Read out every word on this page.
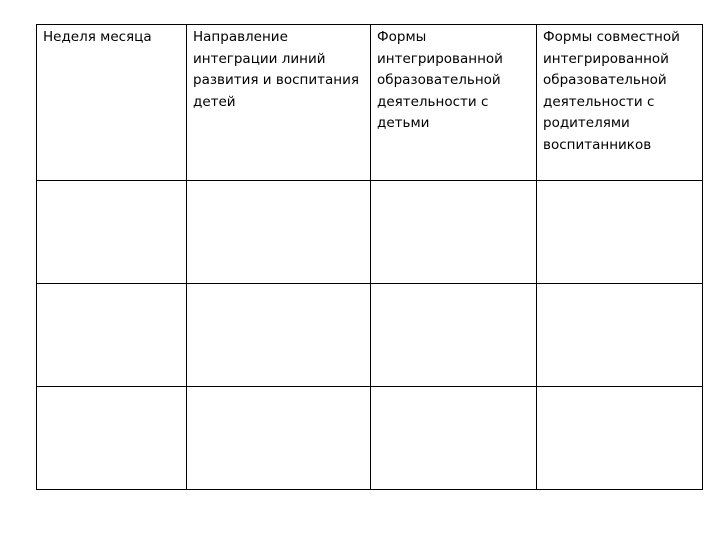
Неделя месяца	Направление интеграции линий развития и воспитания детей	Формы интегрированной образовательной деятельности с детьми	Формы совместной интегрированной образовательной деятельности с родителями воспитанников
